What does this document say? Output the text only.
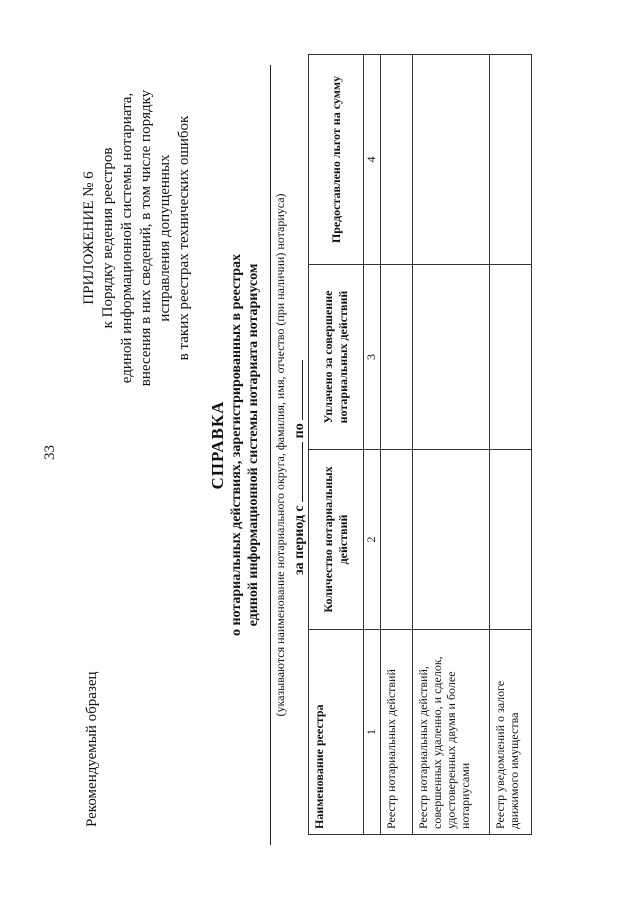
33
Рекомендуемый образец
ПРИЛОЖЕНИЕ № 6 к Порядку ведения реестров единой информационной системы нотариата, внесения в них сведений, в том числе порядку исправления допущенных в таких реестрах технических ошибок
СПРАВКА о нотариальных действиях, зарегистрированных в реестрах единой информационной системы нотариата нотариусом (указываются наименование нотариального округа, фамилия, имя, отчество (при наличии) нотариуса) за период с  по
Наименование реестра	Количество нотариальных действий	Уплачено за совершение нотариальных действий	Предоставлено льгот на сумму
1	2	3	4
Реестр нотариальных действий			
Реестр нотариальных действий, совершенных удаленно, и сделок, удостоверенных двумя и более нотариусами			
Реестр уведомлений о залоге движимого имущества			
